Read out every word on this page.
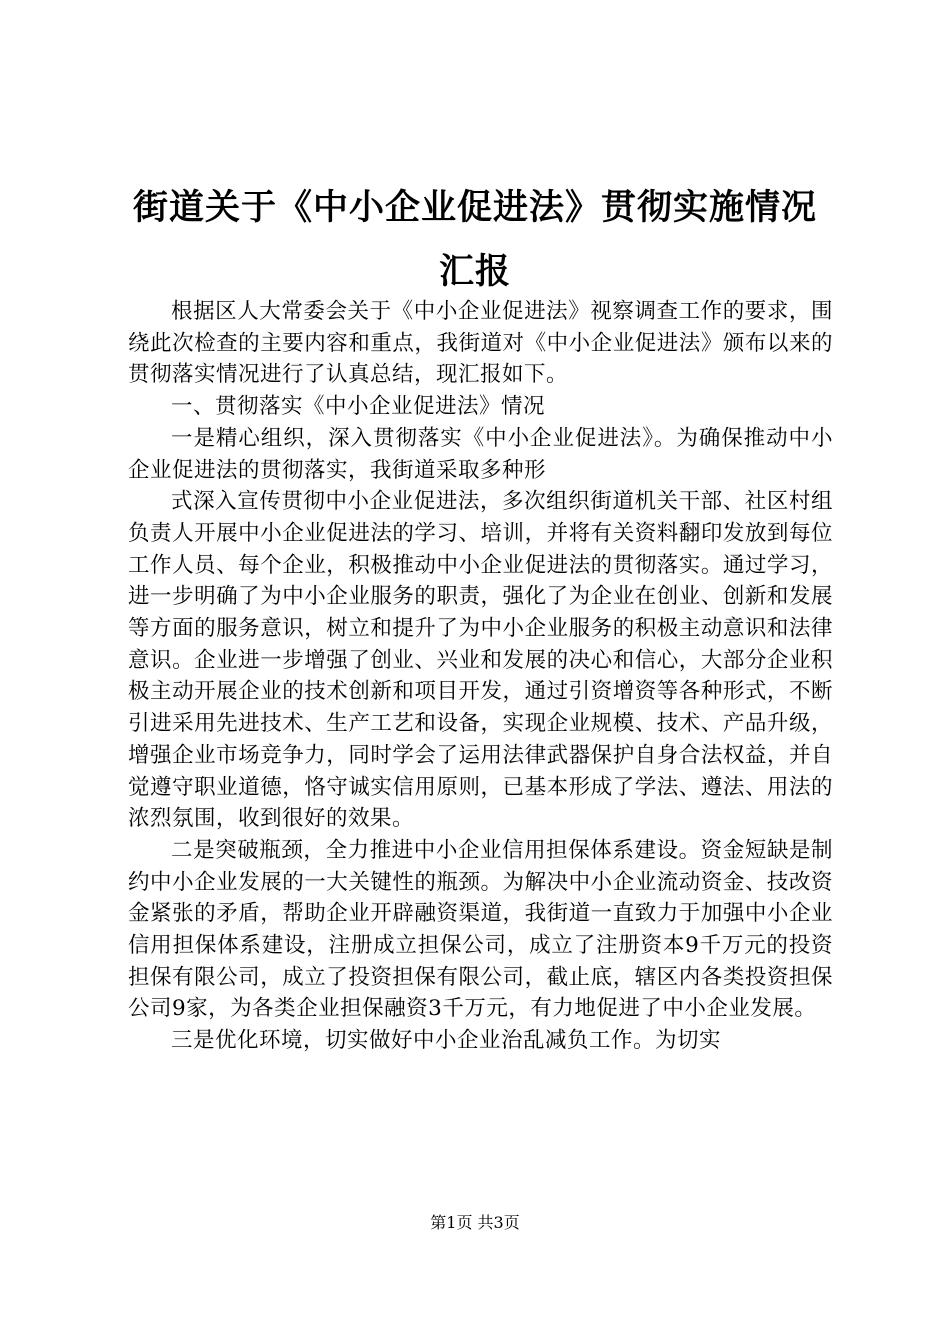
街道关于《中小企业促进法》贯彻实施情况汇报

根据区人大常委会关于《中小企业促进法》视察调查工作的要求，围绕此次检查的主要内容和重点，我街道对《中小企业促进法》颁布以来的贯彻落实情况进行了认真总结，现汇报如下。

一、贯彻落实《中小企业促进法》情况

一是精心组织，深入贯彻落实《中小企业促进法》。为确保推动中小企业促进法的贯彻落实，我街道采取多种形

式深入宣传贯彻中小企业促进法，多次组织街道机关干部、社区村组负责人开展中小企业促进法的学习、培训，并将有关资料翻印发放到每位工作人员、每个企业，积极推动中小企业促进法的贯彻落实。通过学习，进一步明确了为中小企业服务的职责，强化了为企业在创业、创新和发展等方面的服务意识，树立和提升了为中小企业服务的积极主动意识和法律意识。企业进一步增强了创业、兴业和发展的决心和信心，大部分企业积极主动开展企业的技术创新和项目开发，通过引资增资等各种形式，不断引进采用先进技术、生产工艺和设备，实现企业规模、技术、产品升级，增强企业市场竞争力，同时学会了运用法律武器保护自身合法权益，并自觉遵守职业道德，恪守诚实信用原则，已基本形成了学法、遵法、用法的浓烈氛围，收到很好的效果。

二是突破瓶颈，全力推进中小企业信用担保体系建设。资金短缺是制约中小企业发展的一大关键性的瓶颈。为解决中小企业流动资金、技改资金紧张的矛盾，帮助企业开辟融资渠道，我街道一直致力于加强中小企业信用担保体系建设，注册成立担保公司，成立了注册资本9千万元的投资担保有限公司，成立了投资担保有限公司，截止底，辖区内各类投资担保公司9家，为各类企业担保融资3千万元，有力地促进了中小企业发展。

三是优化环境，切实做好中小企业治乱减负工作。为切实

第1页 共3页
